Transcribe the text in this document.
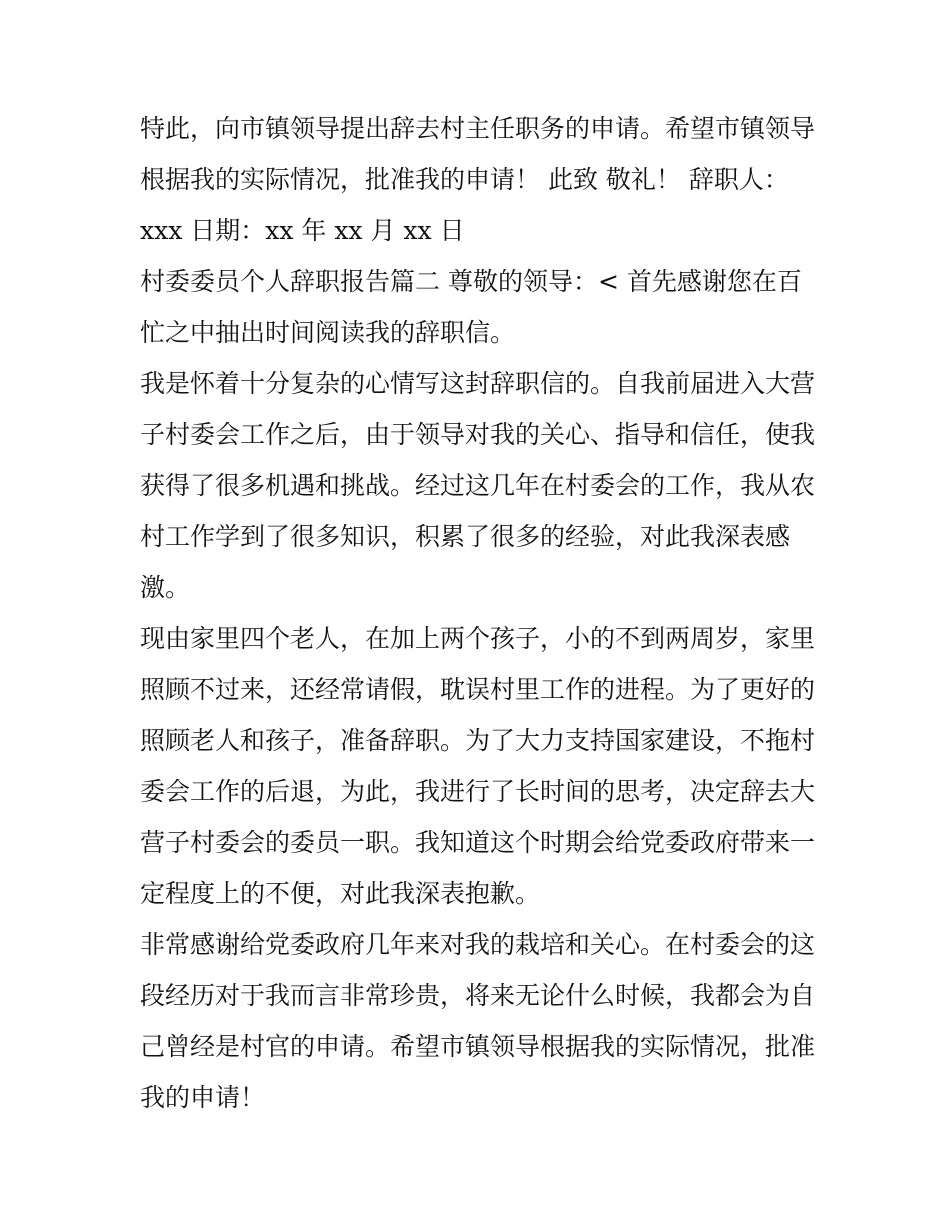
特此，向市镇领导提出辞去村主任职务的申请。希望市镇领导
根据我的实际情况，批准我的申请！ 此致 敬礼！ 辞职人：
xxx 日期：xx 年 xx 月 xx 日
村委委员个人辞职报告篇二 尊敬的领导：< 首先感谢您在百
忙之中抽出时间阅读我的辞职信。
我是怀着十分复杂的心情写这封辞职信的。自我前届进入大营
子村委会工作之后，由于领导对我的关心、指导和信任，使我
获得了很多机遇和挑战。经过这几年在村委会的工作，我从农
村工作学到了很多知识，积累了很多的经验，对此我深表感
激。
现由家里四个老人，在加上两个孩子，小的不到两周岁，家里
照顾不过来，还经常请假，耽误村里工作的进程。为了更好的
照顾老人和孩子，准备辞职。为了大力支持国家建设，不拖村
委会工作的后退，为此，我进行了长时间的思考，决定辞去大
营子村委会的委员一职。我知道这个时期会给党委政府带来一
定程度上的不便，对此我深表抱歉。
非常感谢给党委政府几年来对我的栽培和关心。在村委会的这
段经历对于我而言非常珍贵，将来无论什么时候，我都会为自
己曾经是村官的申请。希望市镇领导根据我的实际情况，批准
我的申请！
